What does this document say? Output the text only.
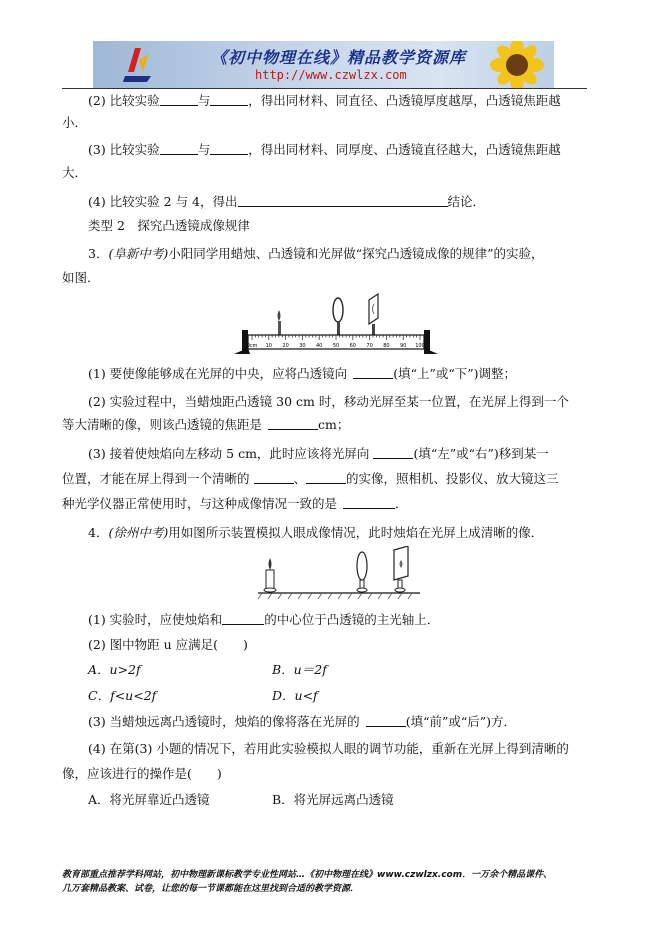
《初中物理在线》精品教学资源库
http://www.czwlzx.com
(2) 比较实验	与	，得出同材料、同直径、凸透镜厚度越厚，凸透镜焦距越
小．
(3) 比较实验	与	，得出同材料、同厚度、凸透镜直径越大，凸透镜焦距越
大．
(4) 比较实验 2 与 4，得出	结论．
类型 2　探究凸透镜成像规律
3．(阜新中考)小阳同学用蜡烛、凸透镜和光屏做“探究凸透镜成像的规律”的实验，
如图．
0cm 10 20 30 40 50 60 70 80 90 100
(1) 要使像能够成在光屏的中央，应将凸透镜向	(填“上”或“下”)调整；
(2) 实验过程中，当蜡烛距凸透镜 30 cm 时，移动光屏至某一位置，在光屏上得到一个
等大清晰的像，则该凸透镜的焦距是	cm；
(3) 接着使烛焰向左移动 5 cm，此时应该将光屏向	(填“左”或“右”)移到某一
位置，才能在屏上得到一个清晰的	、	的实像，照相机、投影仪、放大镜这三
种光学仪器正常使用时，与这种成像情况一致的是	．
4．(徐州中考)用如图所示装置模拟人眼成像情况，此时烛焰在光屏上成清晰的像．
(1) 实验时，应使烛焰和	的中心位于凸透镜的主光轴上．
(2) 图中物距 u 应满足(　　)
A．u>2f	B．u＝2f
C．f<u<2f	D．u<f
(3) 当蜡烛远离凸透镜时，烛焰的像将落在光屏的	(填“前”或“后”)方．
(4) 在第(3) 小题的情况下，若用此实验模拟人眼的调节功能，重新在光屏上得到清晰的
像，应该进行的操作是(　　)
A．将光屏靠近凸透镜	B．将光屏远离凸透镜
教育部重点推荐学科网站，初中物理新课标教学专业性网站…《初中物理在线》www.czwlzx.com．一万余个精品课件、
几万套精品教案、试卷，让您的每一节课都能在这里找到合适的教学资源．
